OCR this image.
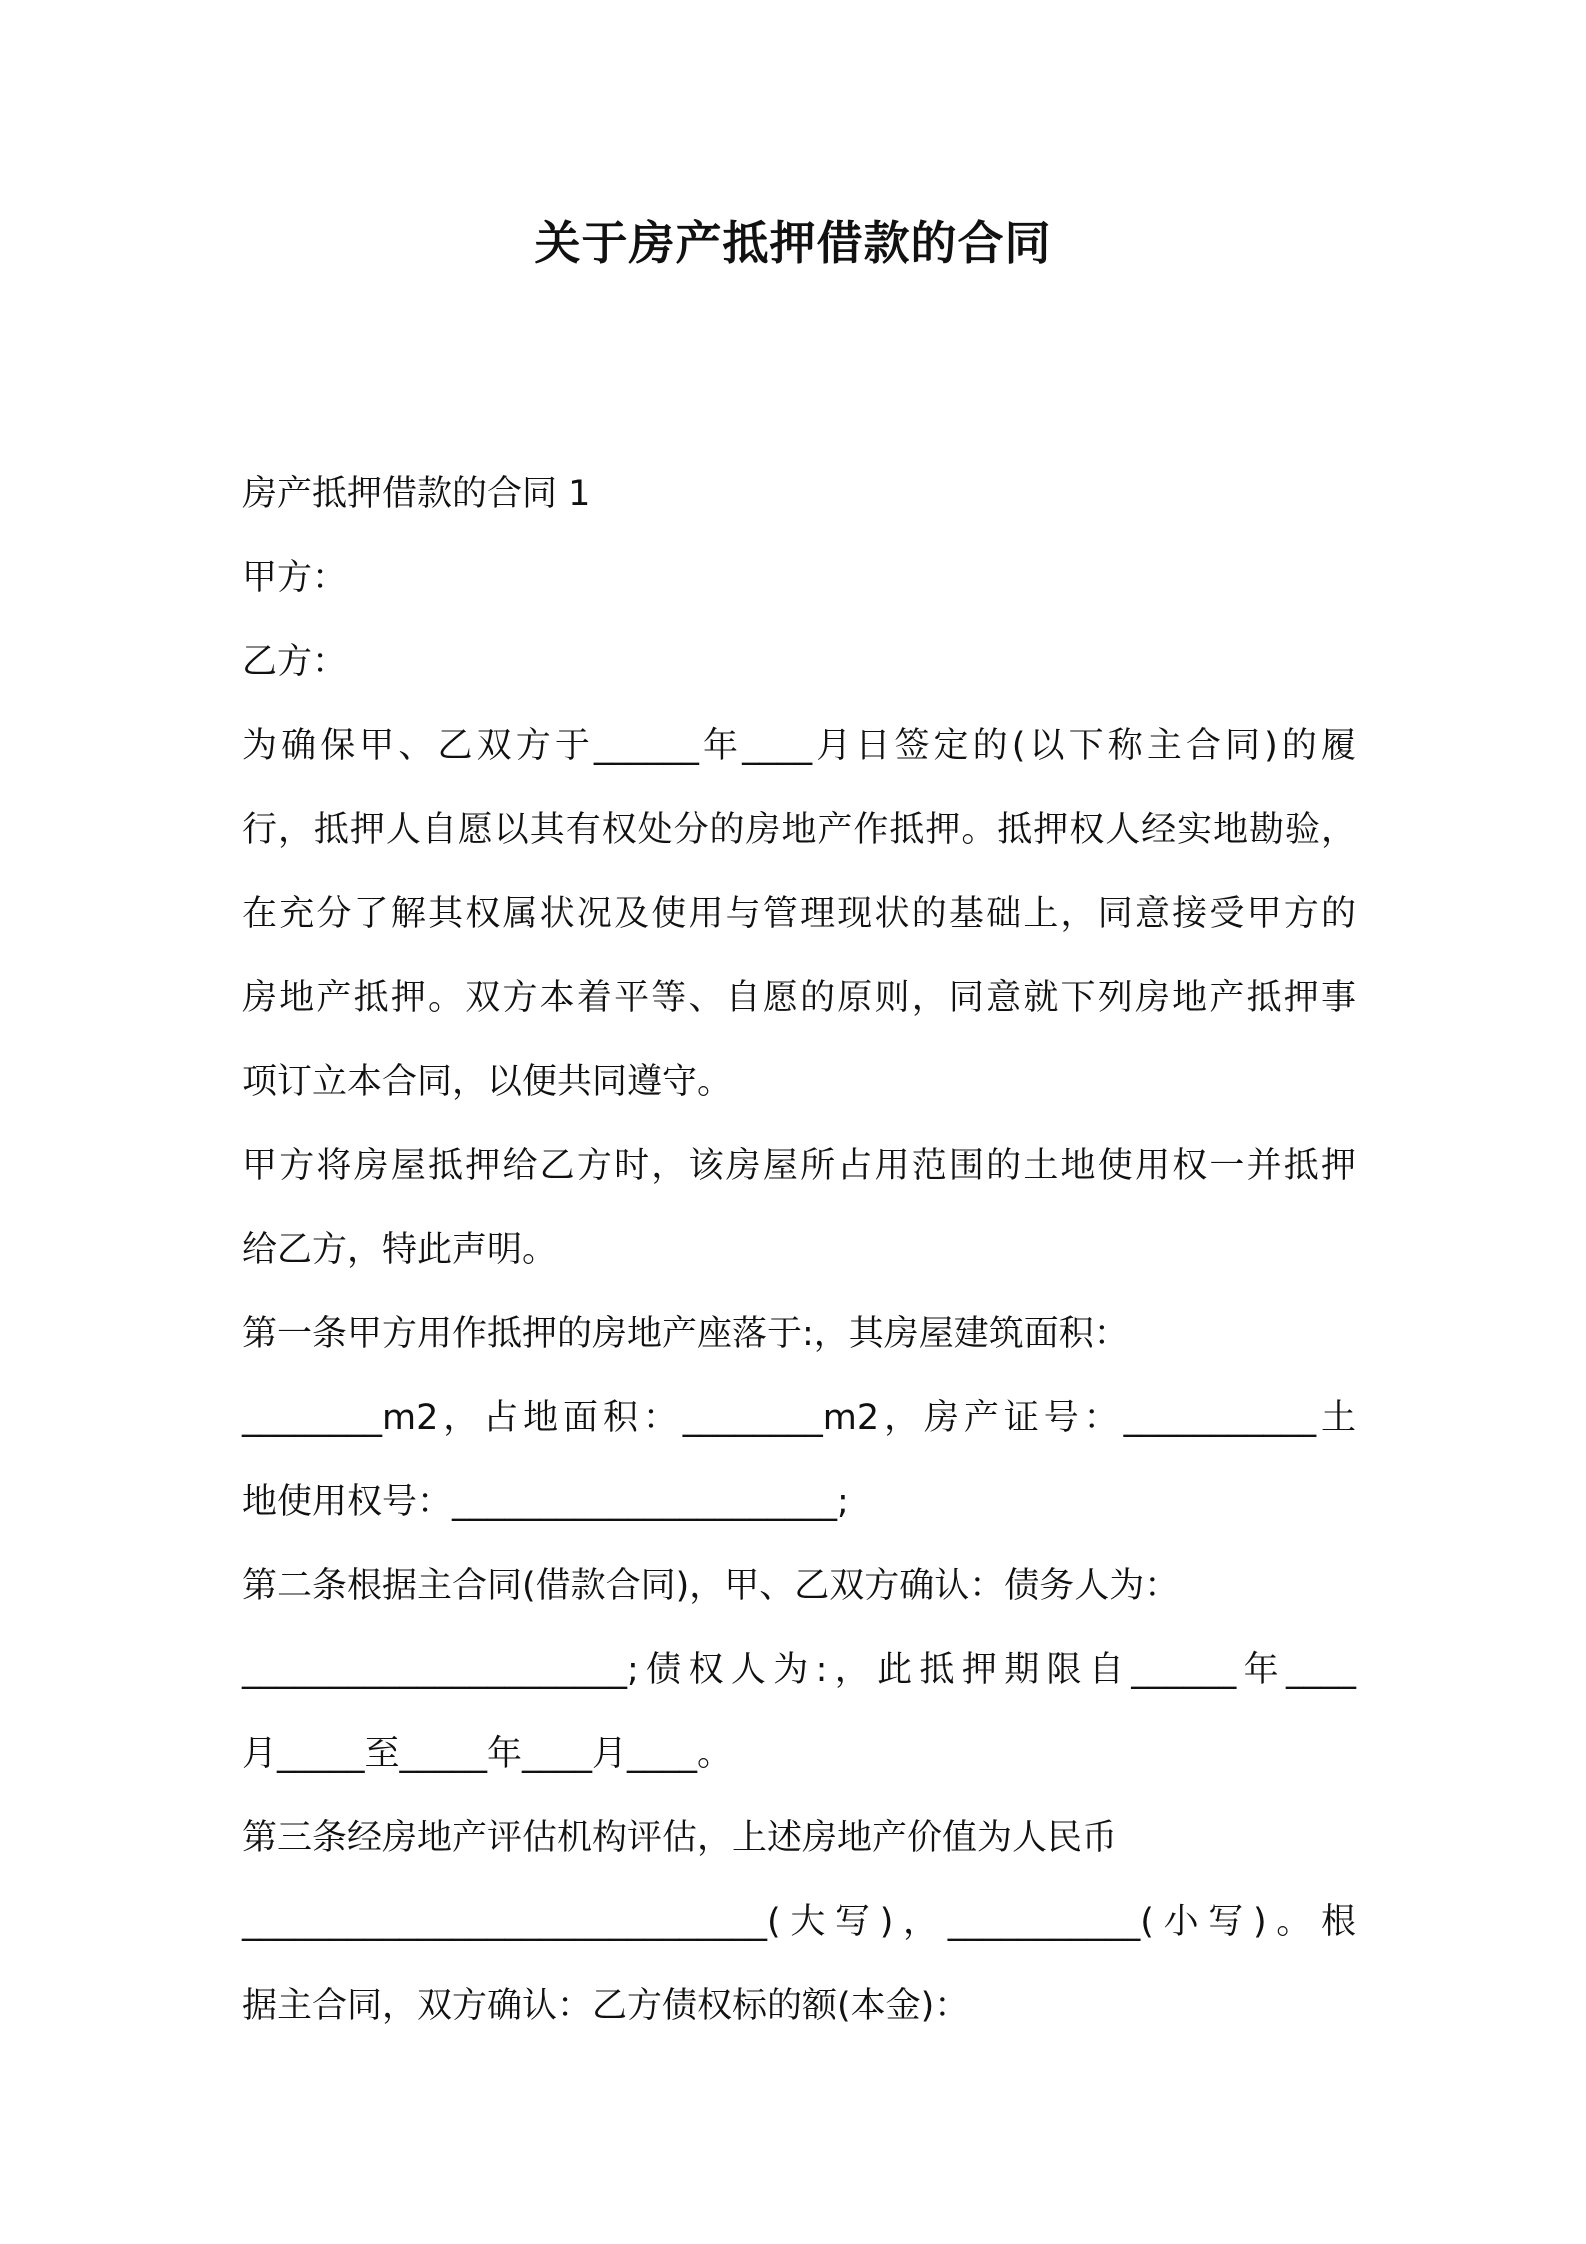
关于房产抵押借款的合同
房产抵押借款的合同 1
甲方：
乙方：
为确保甲、乙双方于______年____月日签定的(以下称主合同)的履
行，抵押人自愿以其有权处分的房地产作抵押。抵押权人经实地勘验，
在充分了解其权属状况及使用与管理现状的基础上，同意接受甲方的
房地产抵押。双方本着平等、自愿的原则，同意就下列房地产抵押事
项订立本合同，以便共同遵守。
甲方将房屋抵押给乙方时，该房屋所占用范围的土地使用权一并抵押
给乙方，特此声明。
第一条甲方用作抵押的房地产座落于:，其房屋建筑面积：
________m2，占地面积：________m2，房产证号：___________土
地使用权号：______________________;
第二条根据主合同(借款合同)，甲、乙双方确认：债务人为：
______________________;债权人为:，此抵押期限自______年____
月_____至_____年____月____。
第三条经房地产评估机构评估，上述房地产价值为人民币
______________________________(大写)，___________(小写)。根
据主合同，双方确认：乙方债权标的额(本金)：
